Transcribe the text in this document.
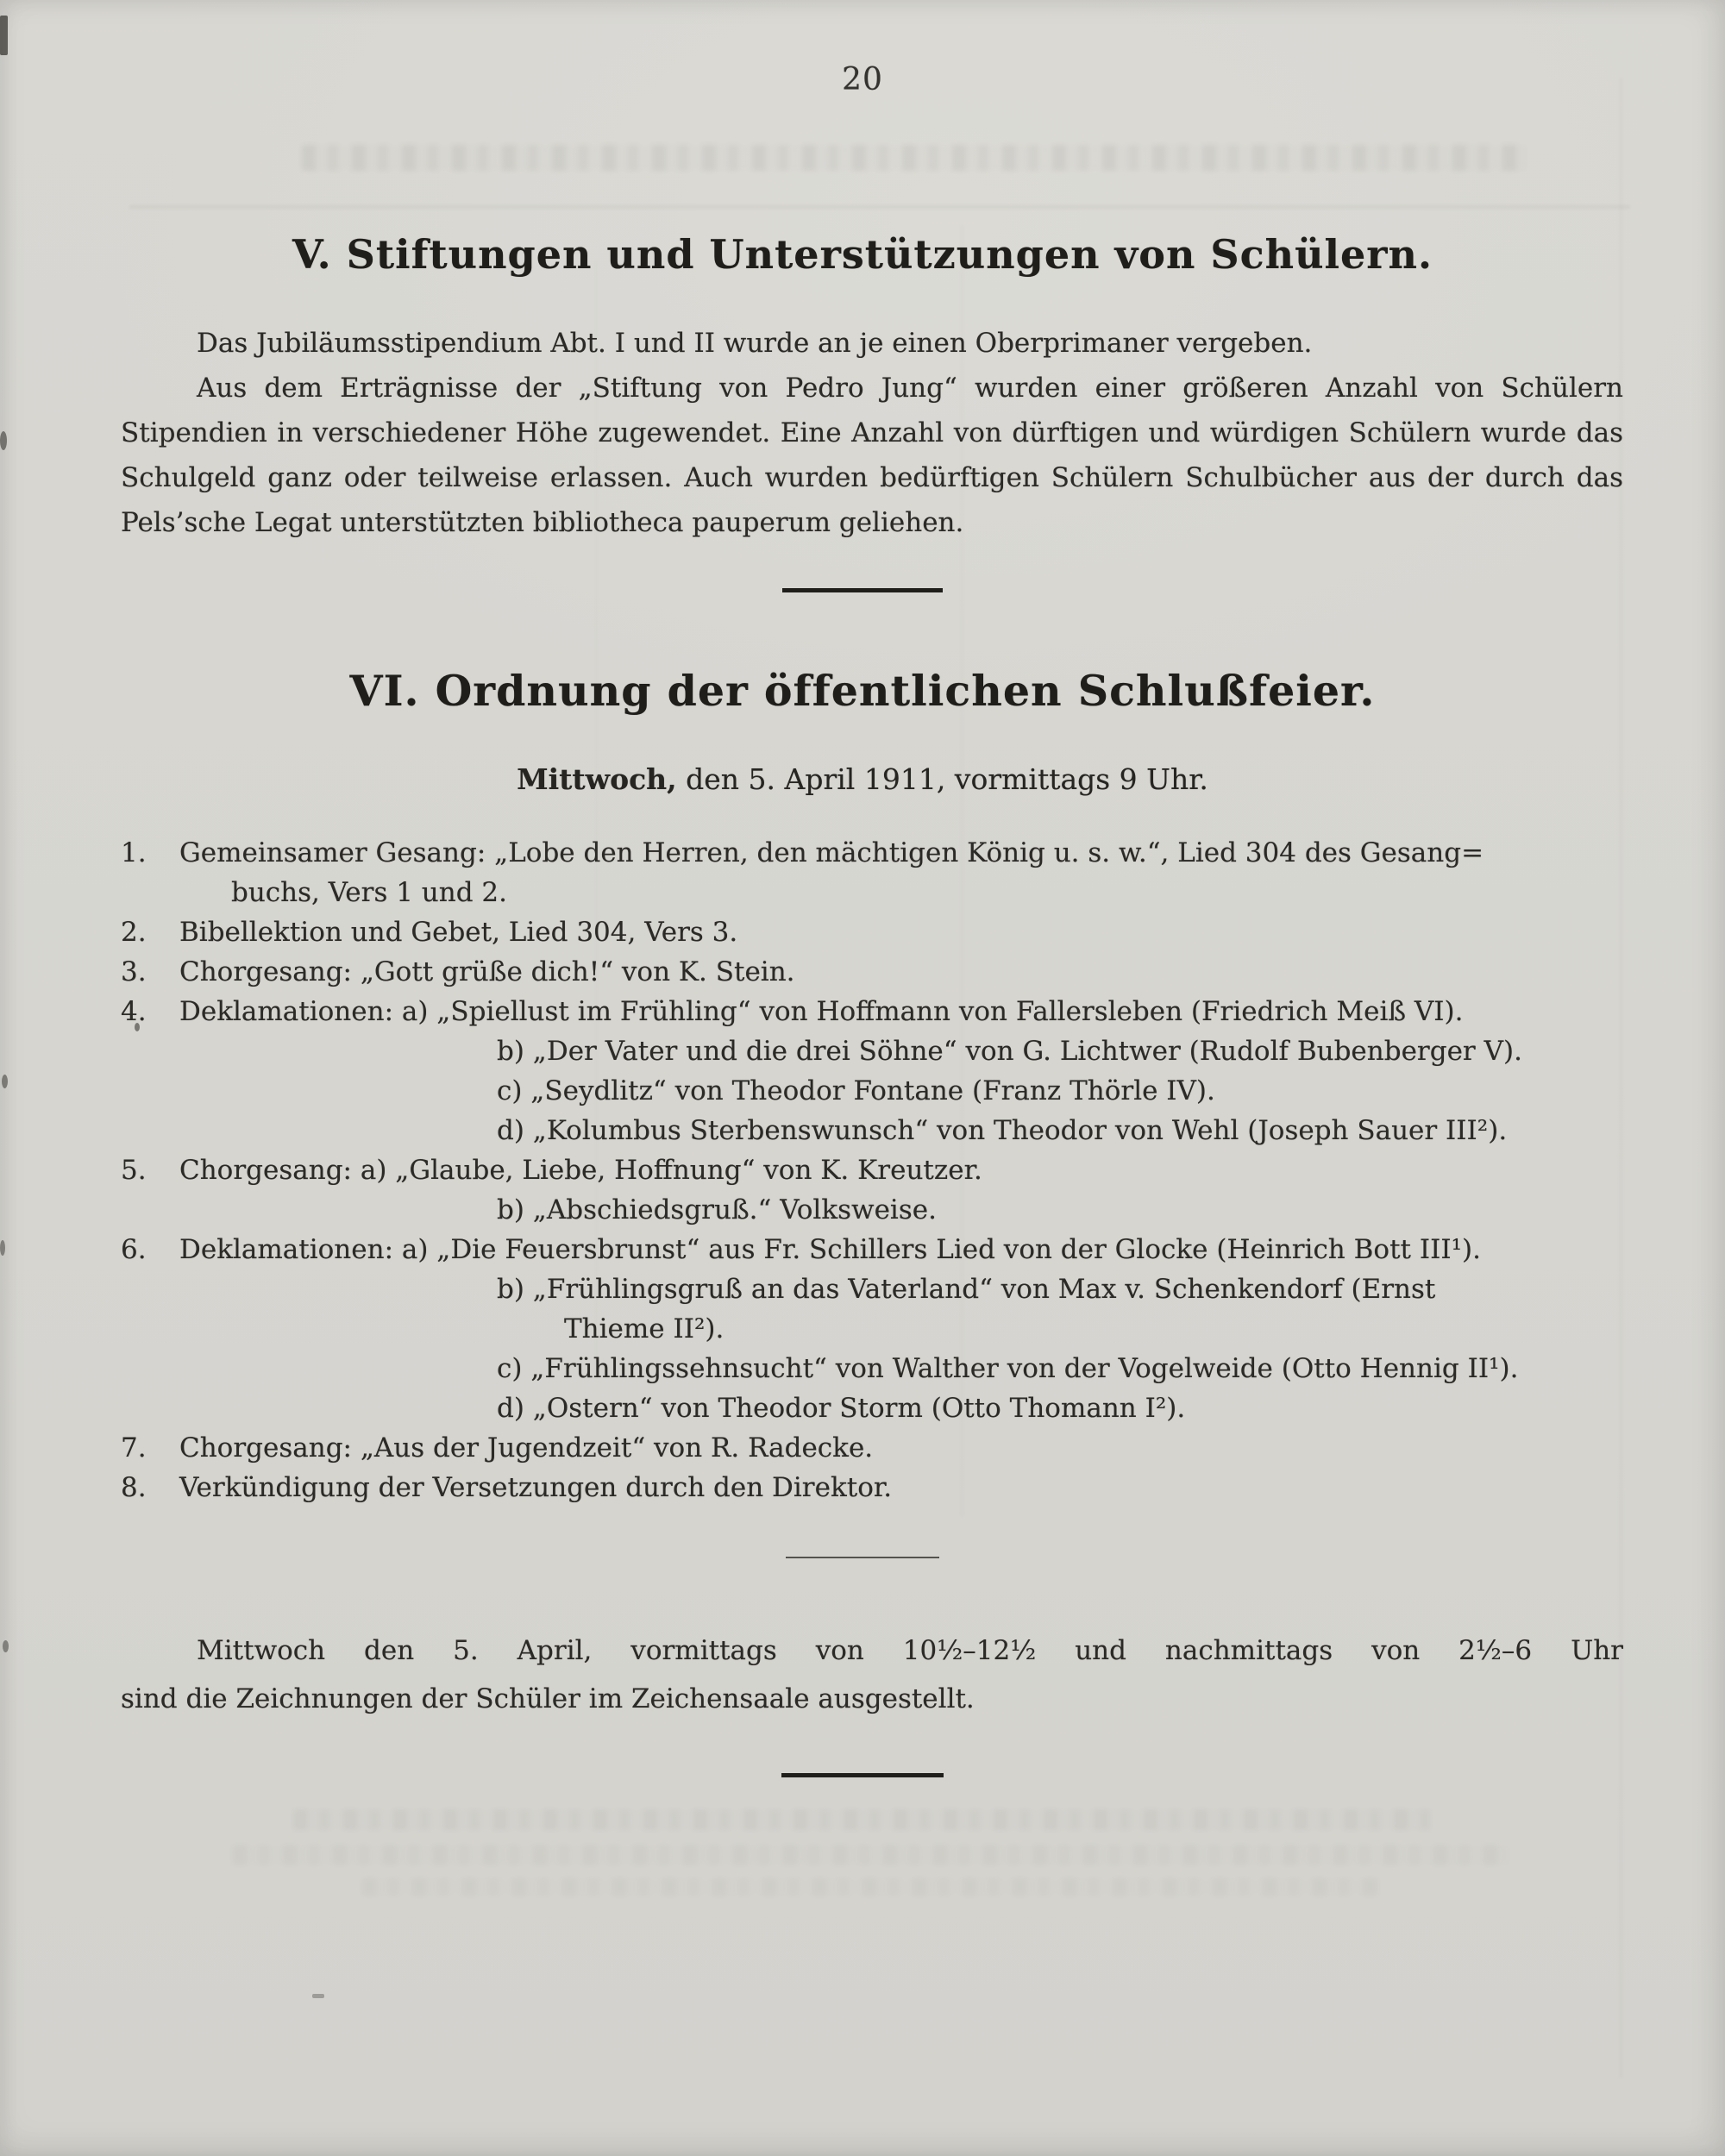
20
V. Stiftungen und Unterstützungen von Schülern.
Das Jubiläumsstipendium Abt. I und II wurde an je einen Oberprimaner vergeben.
Aus dem Erträgnisse der „Stiftung von Pedro Jung“ wurden einer größeren Anzahl von Schülern Stipendien in verschiedener Höhe zugewendet. Eine Anzahl von dürftigen und würdigen Schülern wurde das Schulgeld ganz oder teilweise erlassen. Auch wurden bedürftigen Schülern Schulbücher aus der durch das Pels’sche Legat unterstützten bibliotheca pauperum geliehen.
VI. Ordnung der öffentlichen Schlußfeier.
Mittwoch, den 5. April 1911, vormittags 9 Uhr.
1.	Gemeinsamer Gesang: „Lobe den Herren, den mächtigen König u. s. w.“, Lied 304 des Gesang=
buchs, Vers 1 und 2.
2.	Bibellektion und Gebet, Lied 304, Vers 3.
3.	Chorgesang: „Gott grüße dich!“ von K. Stein.
4.	Deklamationen: a) „Spiellust im Frühling“ von Hoffmann von Fallersleben (Friedrich Meiß VI).
b) „Der Vater und die drei Söhne“ von G. Lichtwer (Rudolf Bubenberger V).
c) „Seydlitz“ von Theodor Fontane (Franz Thörle IV).
d) „Kolumbus Sterbenswunsch“ von Theodor von Wehl (Joseph Sauer III²).
5.	Chorgesang: a) „Glaube, Liebe, Hoffnung“ von K. Kreutzer.
b) „Abschiedsgruß.“ Volksweise.
6.	Deklamationen: a) „Die Feuersbrunst“ aus Fr. Schillers Lied von der Glocke (Heinrich Bott III¹).
b) „Frühlingsgruß an das Vaterland“ von Max v. Schenkendorf (Ernst
Thieme II²).
c) „Frühlingssehnsucht“ von Walther von der Vogelweide (Otto Hennig II¹).
d) „Ostern“ von Theodor Storm (Otto Thomann I²).
7.	Chorgesang: „Aus der Jugendzeit“ von R. Radecke.
8.	Verkündigung der Versetzungen durch den Direktor.
Mittwoch den 5. April, vormittags von 10½–12½ und nachmittags von 2½–6 Uhr
sind die Zeichnungen der Schüler im Zeichensaale ausgestellt.
